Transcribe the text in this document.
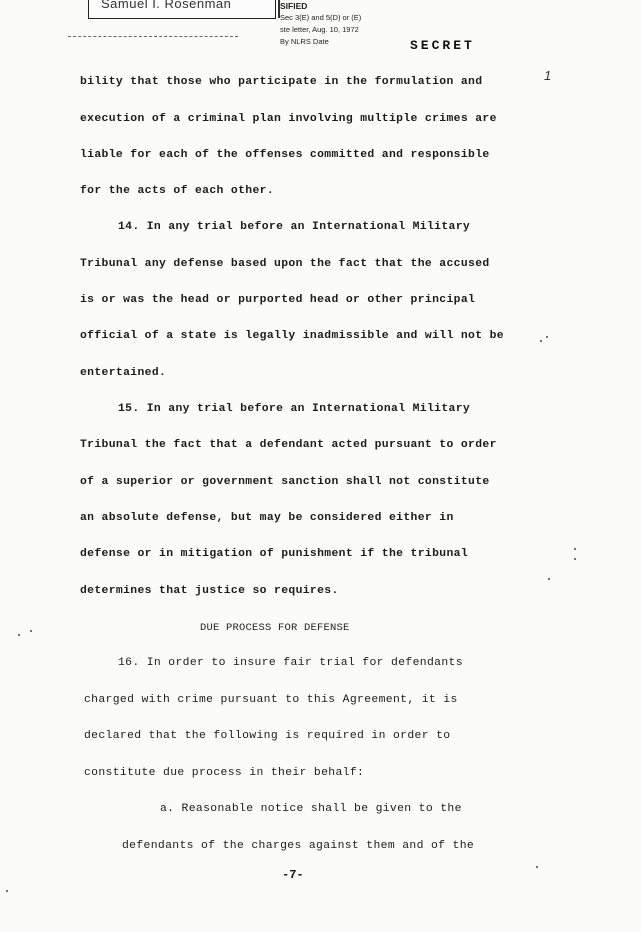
Samuel I. Rosenman	SIFIED
Sec 3(E) and 5(D) or (E)
ste letter, Aug. 10, 1972
By NLRS Date	SECRET
1
bility that those who participate in the formulation and
execution of a criminal plan involving multiple crimes are
liable for each of the offenses committed and responsible
for the acts of each other.
14. In any trial before an International Military
Tribunal any defense based upon the fact that the accused
is or was the head or purported head or other principal
official of a state is legally inadmissible and will not be
entertained.
15. In any trial before an International Military
Tribunal the fact that a defendant acted pursuant to order
of a superior or government sanction shall not constitute
an absolute defense, but may be considered either in
defense or in mitigation of punishment if the tribunal
determines that justice so requires.
DUE PROCESS FOR DEFENSE
16. In order to insure fair trial for defendants
charged with crime pursuant to this Agreement, it is
declared that the following is required in order to
constitute due process in their behalf:
a. Reasonable notice shall be given to the
defendants of the charges against them and of the
-7-
